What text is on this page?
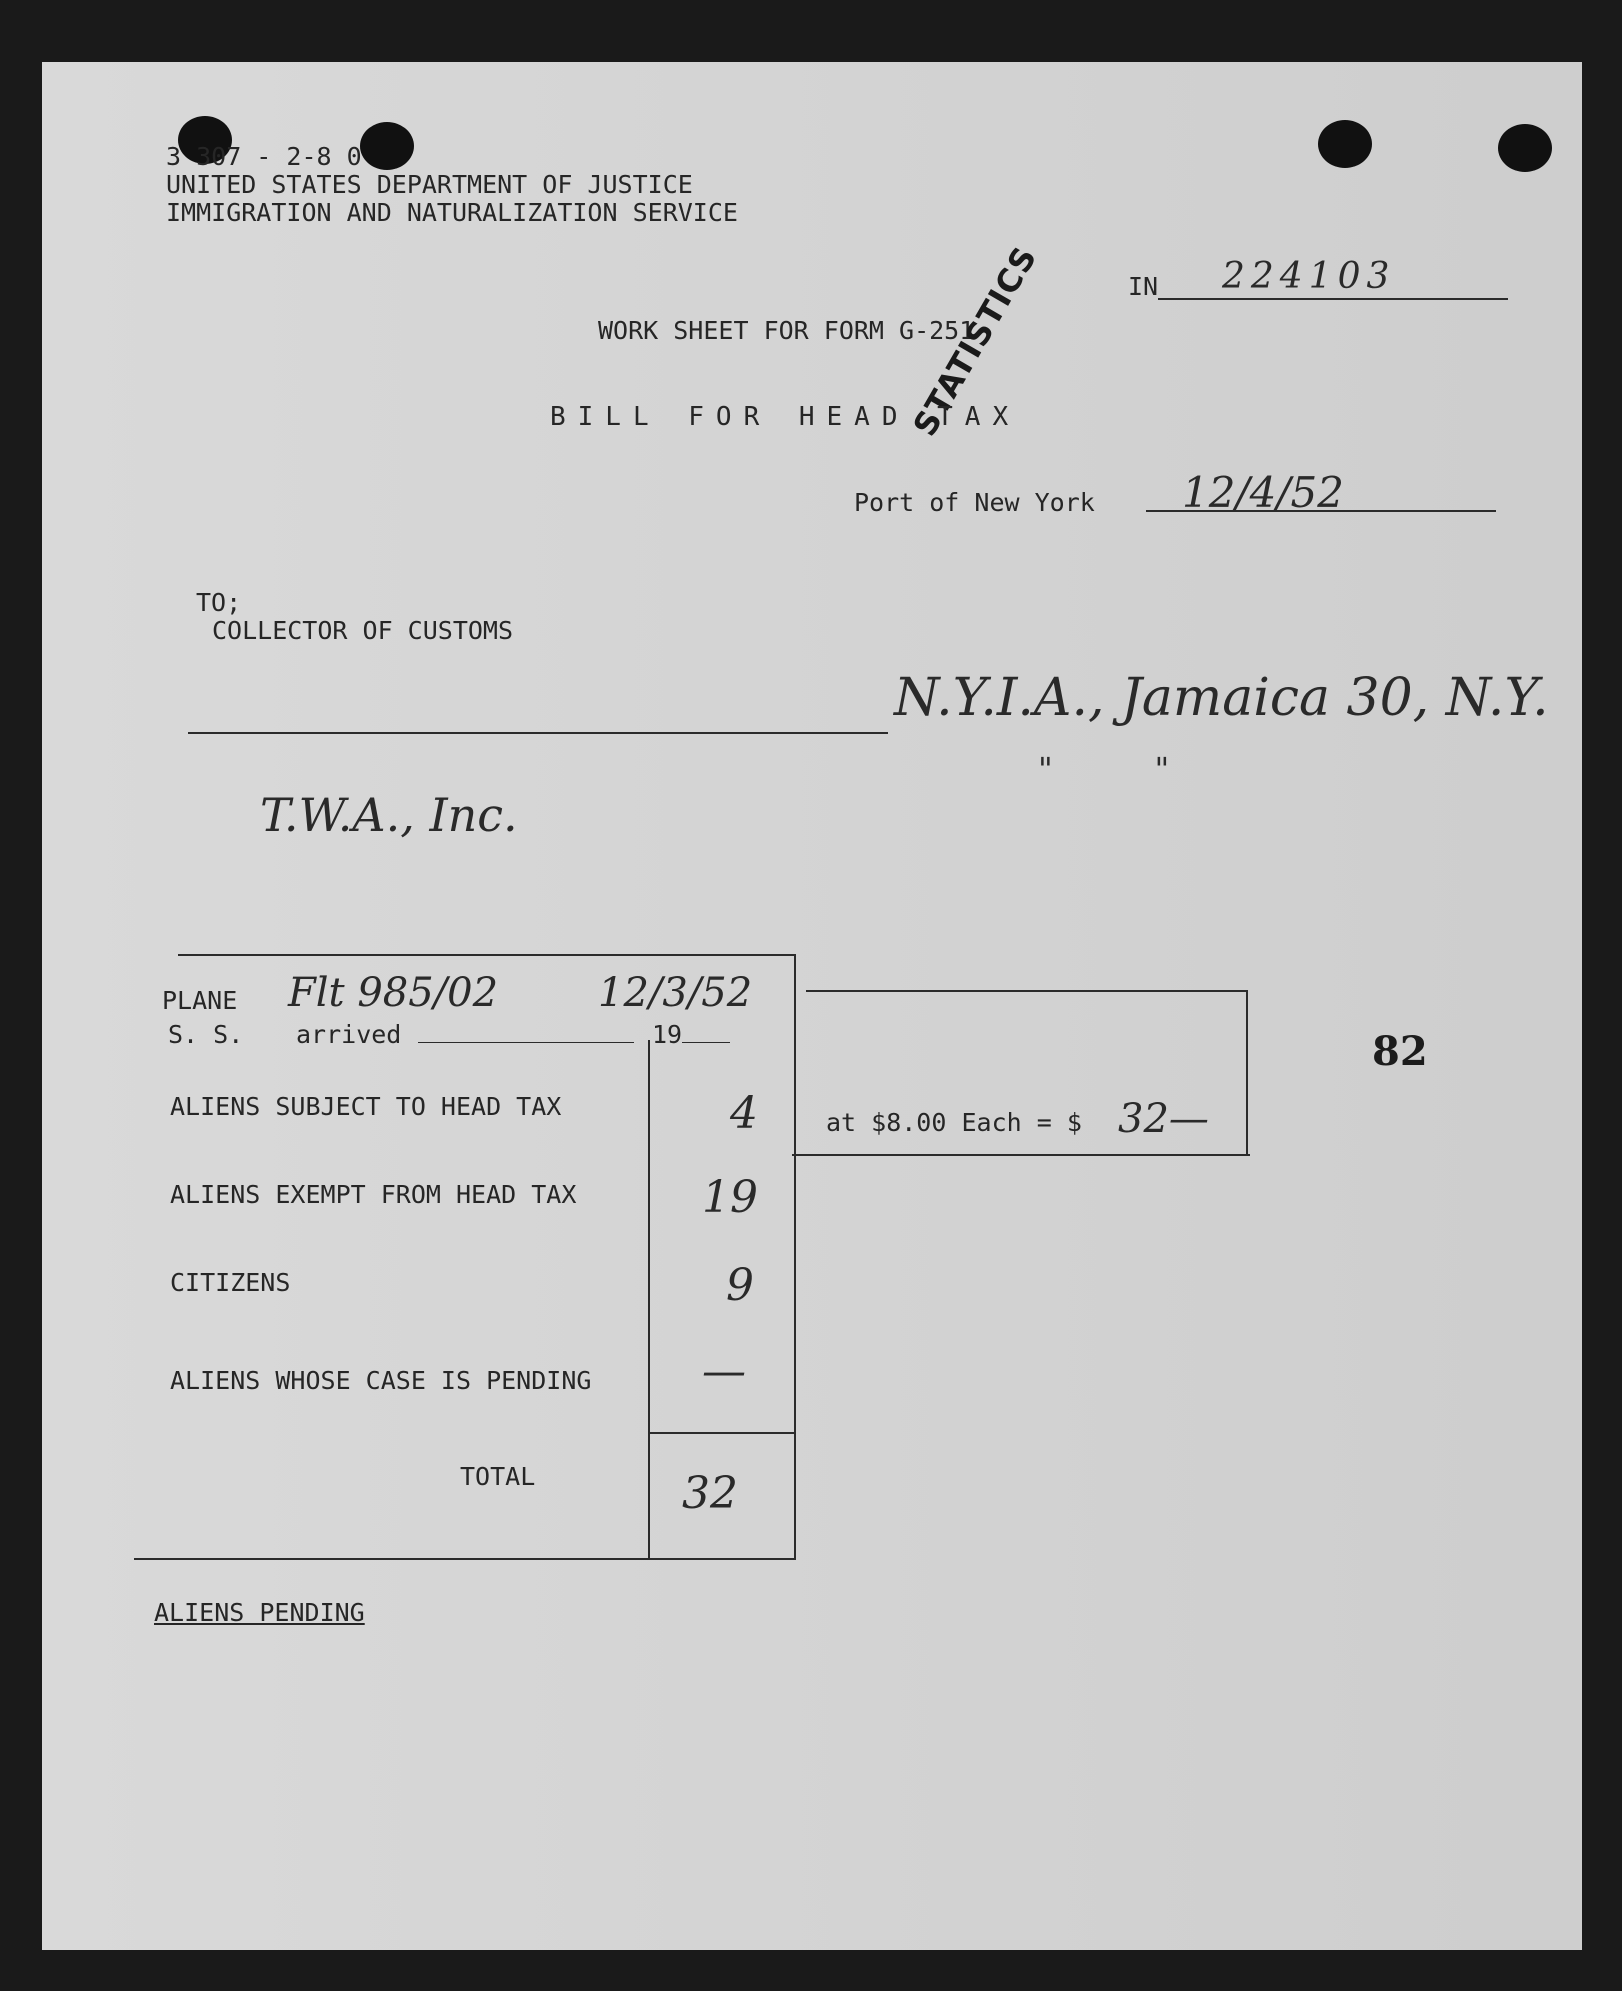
3 307 - 2-8 0
UNITED STATES DEPARTMENT OF JUSTICE
IMMIGRATION AND NATURALIZATION SERVICE
IN 224103
WORK SHEET FOR FORM G-251
STATISTICS
BILL FOR HEAD TAX
Port of New York 12/4/52
TO;
COLLECTOR OF CUSTOMS
N.Y.I.A., Jamaica 30, N.Y.
"          "
T.W.A., Inc.
PLANE Flt 985/02 12/3/52
S. S. arrived	19
ALIENS SUBJECT TO HEAD TAX	4
ALIENS EXEMPT FROM HEAD TAX	19
CITIZENS	9
ALIENS WHOSE CASE IS PENDING	—
TOTAL	32
at $8.00 Each = $ 32—
82
ALIENS PENDING
